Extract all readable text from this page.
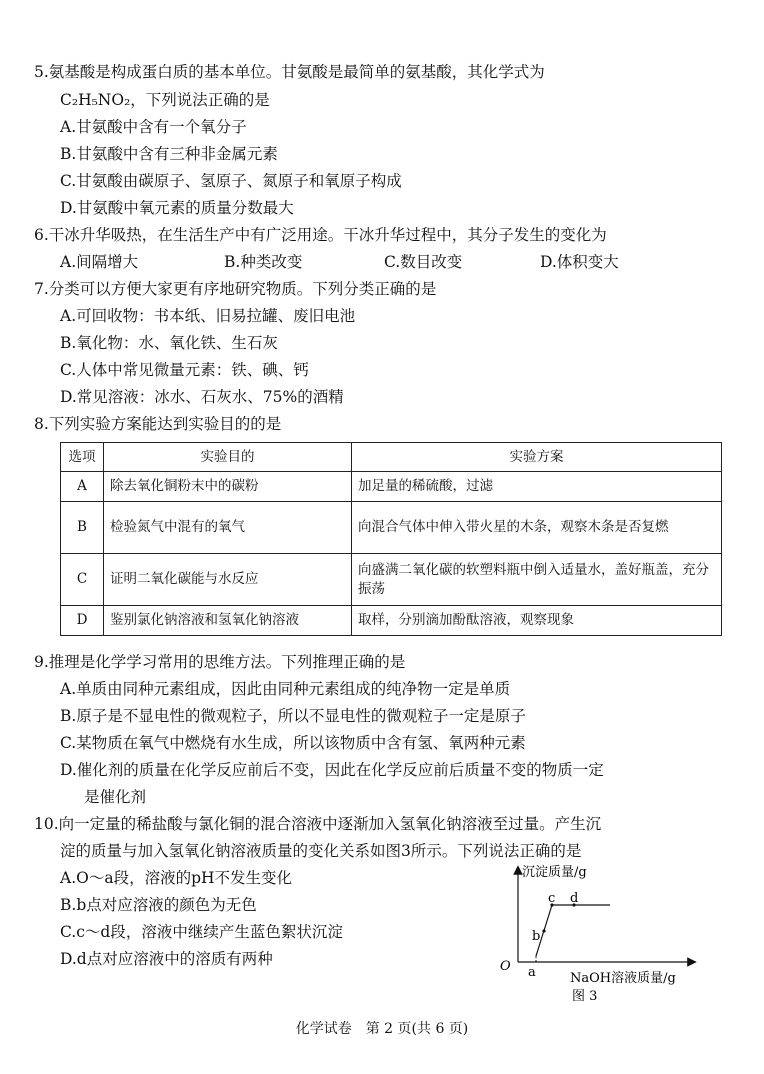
5.氨基酸是构成蛋白质的基本单位。甘氨酸是最简单的氨基酸，其化学式为
C₂H₅NO₂，下列说法正确的是
A.甘氨酸中含有一个氧分子
B.甘氨酸中含有三种非金属元素
C.甘氨酸由碳原子、氢原子、氮原子和氧原子构成
D.甘氨酸中氧元素的质量分数最大
6.干冰升华吸热，在生活生产中有广泛用途。干冰升华过程中，其分子发生的变化为
A.间隔增大	B.种类改变	C.数目改变	D.体积变大
7.分类可以方便大家更有序地研究物质。下列分类正确的是
A.可回收物：书本纸、旧易拉罐、废旧电池
B.氧化物：水、氧化铁、生石灰
C.人体中常见微量元素：铁、碘、钙
D.常见溶液：冰水、石灰水、75%的酒精
8.下列实验方案能达到实验目的的是
选项	实验目的	实验方案
A	除去氧化铜粉末中的碳粉	加足量的稀硫酸，过滤
B	检验氮气中混有的氧气	向混合气体中伸入带火星的木条，观察木条是否复燃
C	证明二氧化碳能与水反应	向盛满二氧化碳的软塑料瓶中倒入适量水，盖好瓶盖，充分振荡
D	鉴别氯化钠溶液和氢氧化钠溶液	取样，分别滴加酚酞溶液，观察现象
9.推理是化学学习常用的思维方法。下列推理正确的是
A.单质由同种元素组成，因此由同种元素组成的纯净物一定是单质
B.原子是不显电性的微观粒子，所以不显电性的微观粒子一定是原子
C.某物质在氧气中燃烧有水生成，所以该物质中含有氢、氧两种元素
D.催化剂的质量在化学反应前后不变，因此在化学反应前后质量不变的物质一定
是催化剂
10.向一定量的稀盐酸与氯化铜的混合溶液中逐渐加入氢氧化钠溶液至过量。产生沉
淀的质量与加入氢氧化钠溶液质量的变化关系如图3所示。下列说法正确的是
A.O～a段，溶液的pH不发生变化
B.b点对应溶液的颜色为无色
C.c～d段，溶液中继续产生蓝色絮状沉淀
D.d点对应溶液中的溶质有两种
沉淀质量/g
O a
b
c d
NaOH溶液质量/g
图 3
化学试卷　第 2 页(共 6 页)
